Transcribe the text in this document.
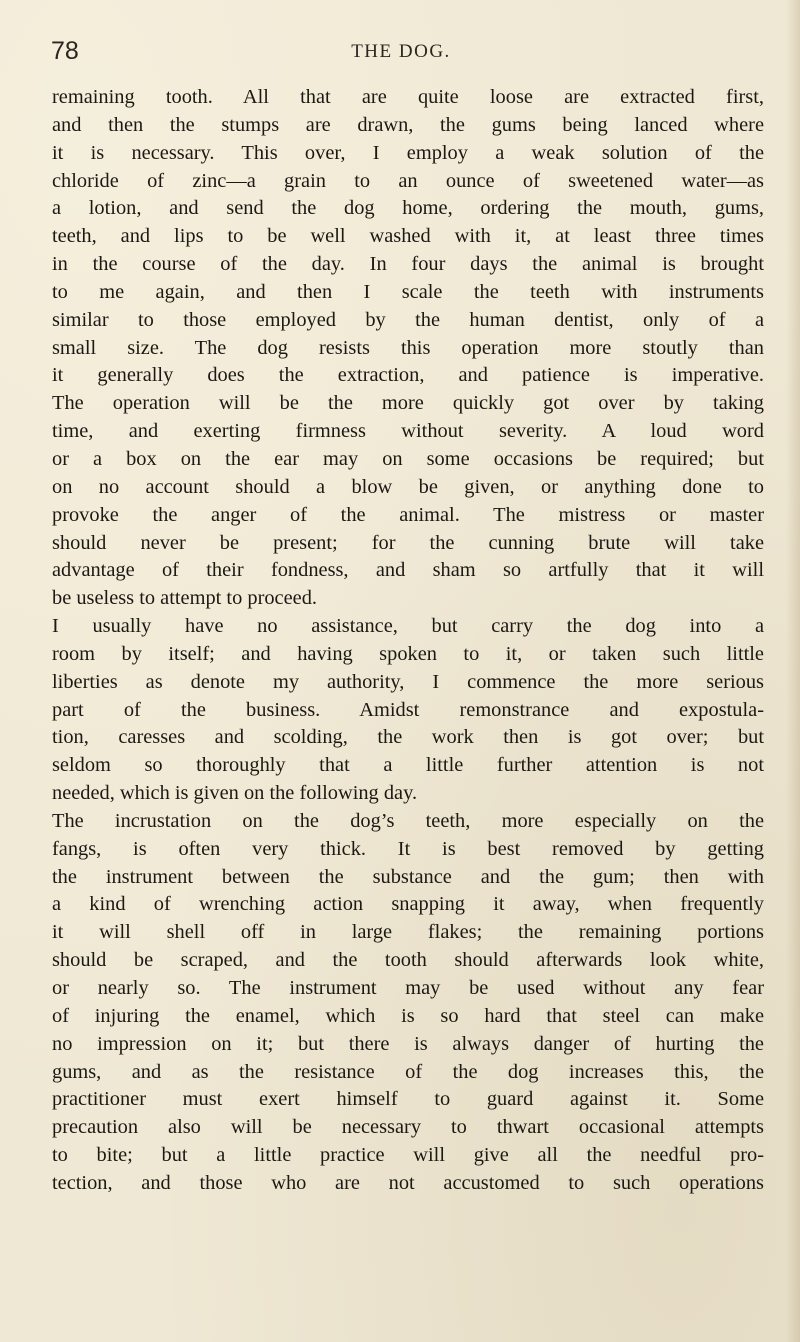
78	THE DOG.
remaining tooth. All that are quite loose are extracted first,
and then the stumps are drawn, the gums being lanced where
it is necessary. This over, I employ a weak solution of the
chloride of zinc—a grain to an ounce of sweetened water—as
a lotion, and send the dog home, ordering the mouth, gums,
teeth, and lips to be well washed with it, at least three times
in the course of the day. In four days the animal is brought
to me again, and then I scale the teeth with instruments
similar to those employed by the human dentist, only of a
small size. The dog resists this operation more stoutly than
it generally does the extraction, and patience is imperative.
The operation will be the more quickly got over by taking
time, and exerting firmness without severity. A loud word
or a box on the ear may on some occasions be required; but
on no account should a blow be given, or anything done to
provoke the anger of the animal. The mistress or master
should never be present; for the cunning brute will take
advantage of their fondness, and sham so artfully that it will
be useless to attempt to proceed.
I usually have no assistance, but carry the dog into a
room by itself; and having spoken to it, or taken such little
liberties as denote my authority, I commence the more serious
part of the business. Amidst remonstrance and expostula-
tion, caresses and scolding, the work then is got over; but
seldom so thoroughly that a little further attention is not
needed, which is given on the following day.
The incrustation on the dog’s teeth, more especially on the
fangs, is often very thick. It is best removed by getting
the instrument between the substance and the gum; then with
a kind of wrenching action snapping it away, when frequently
it will shell off in large flakes; the remaining portions
should be scraped, and the tooth should afterwards look white,
or nearly so. The instrument may be used without any fear
of injuring the enamel, which is so hard that steel can make
no impression on it; but there is always danger of hurting the
gums, and as the resistance of the dog increases this, the
practitioner must exert himself to guard against it. Some
precaution also will be necessary to thwart occasional attempts
to bite; but a little practice will give all the needful pro-
tection, and those who are not accustomed to such operations
